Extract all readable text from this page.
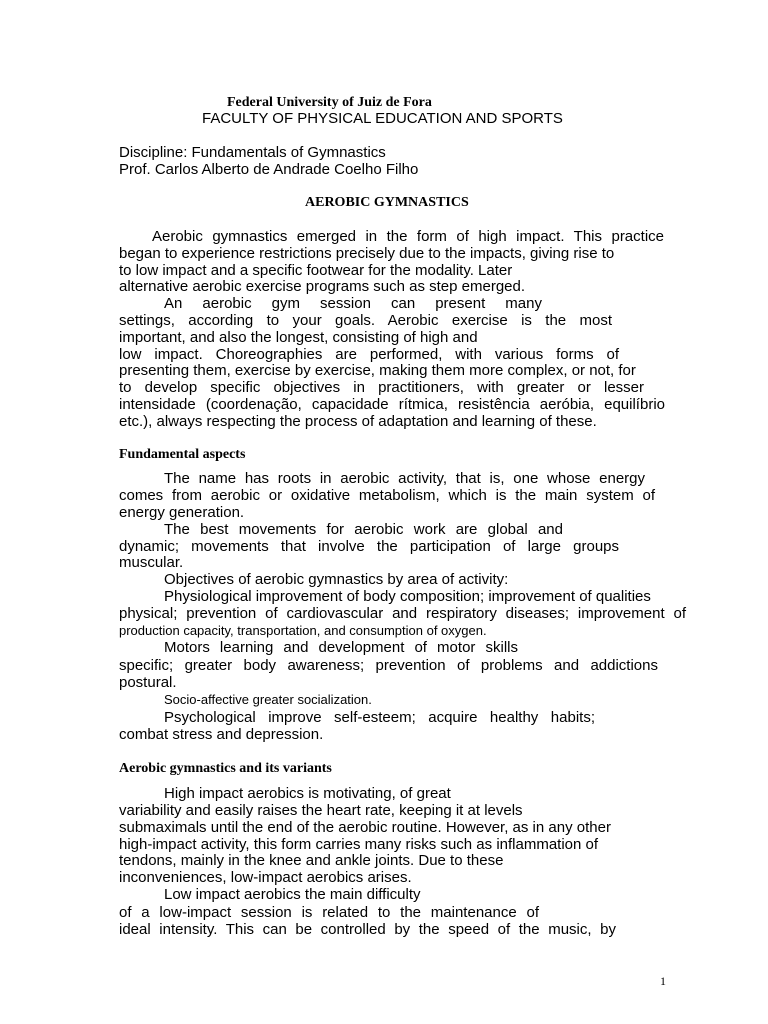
Federal University of Juiz de Fora
FACULTY OF PHYSICAL EDUCATION AND SPORTS
Discipline: Fundamentals of Gymnastics
Prof. Carlos Alberto de Andrade Coelho Filho
AEROBIC GYMNASTICS
Aerobic gymnastics emerged in the form of high impact. This practice
began to experience restrictions precisely due to the impacts, giving rise to
to low impact and a specific footwear for the modality. Later
alternative aerobic exercise programs such as step emerged.
An aerobic gym session can present many
settings, according to your goals. Aerobic exercise is the most
important, and also the longest, consisting of high and
low impact. Choreographies are performed, with various forms of
presenting them, exercise by exercise, making them more complex, or not, for
to develop specific objectives in practitioners, with greater or lesser
intensidade (coordenação, capacidade rítmica, resistência aeróbia, equilíbrio
etc.), always respecting the process of adaptation and learning of these.
Fundamental aspects
The name has roots in aerobic activity, that is, one whose energy
comes from aerobic or oxidative metabolism, which is the main system of
energy generation.
The best movements for aerobic work are global and
dynamic; movements that involve the participation of large groups
muscular.
Objectives of aerobic gymnastics by area of activity:
Physiological improvement of body composition; improvement of qualities
physical; prevention of cardiovascular and respiratory diseases; improvement of
production capacity, transportation, and consumption of oxygen.
Motors learning and development of motor skills
specific; greater body awareness; prevention of problems and addictions
postural.
Socio-affective greater socialization.
Psychological improve self-esteem; acquire healthy habits;
combat stress and depression.
Aerobic gymnastics and its variants
High impact aerobics is motivating, of great
variability and easily raises the heart rate, keeping it at levels
submaximals until the end of the aerobic routine. However, as in any other
high-impact activity, this form carries many risks such as inflammation of
tendons, mainly in the knee and ankle joints. Due to these
inconveniences, low-impact aerobics arises.
Low impact aerobics the main difficulty
of a low-impact session is related to the maintenance of
ideal intensity. This can be controlled by the speed of the music, by
1
